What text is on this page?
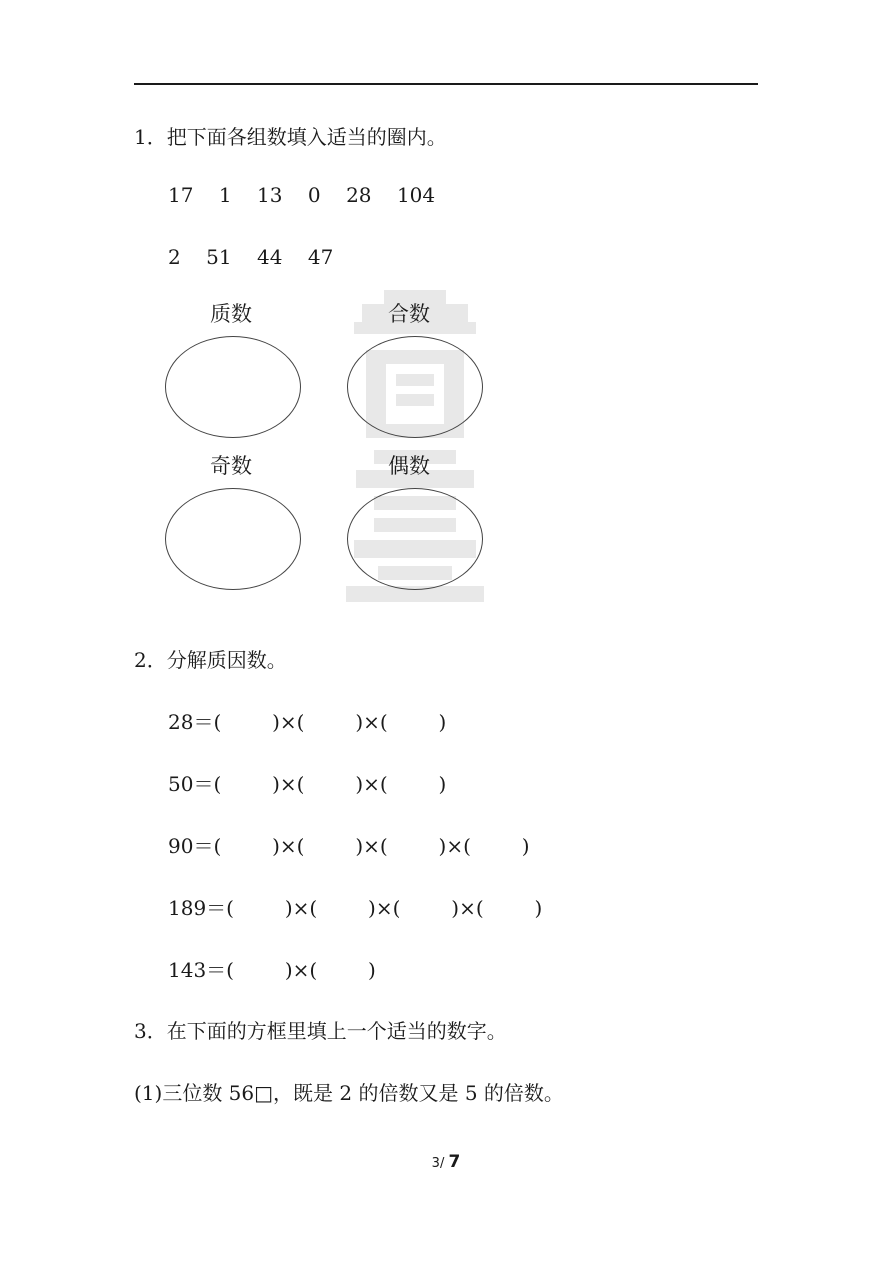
1．把下面各组数填入适当的圈内。
17    1    13    0    28    104
2    51    44    47
质数	合数
奇数	偶数
2．分解质因数。
28＝(        )×(        )×(        )
50＝(        )×(        )×(        )
90＝(        )×(        )×(        )×(        )
189＝(        )×(        )×(        )×(        )
143＝(        )×(        )
3．在下面的方框里填上一个适当的数字。
(1)三位数 56□，既是 2 的倍数又是 5 的倍数。
3/ 7
